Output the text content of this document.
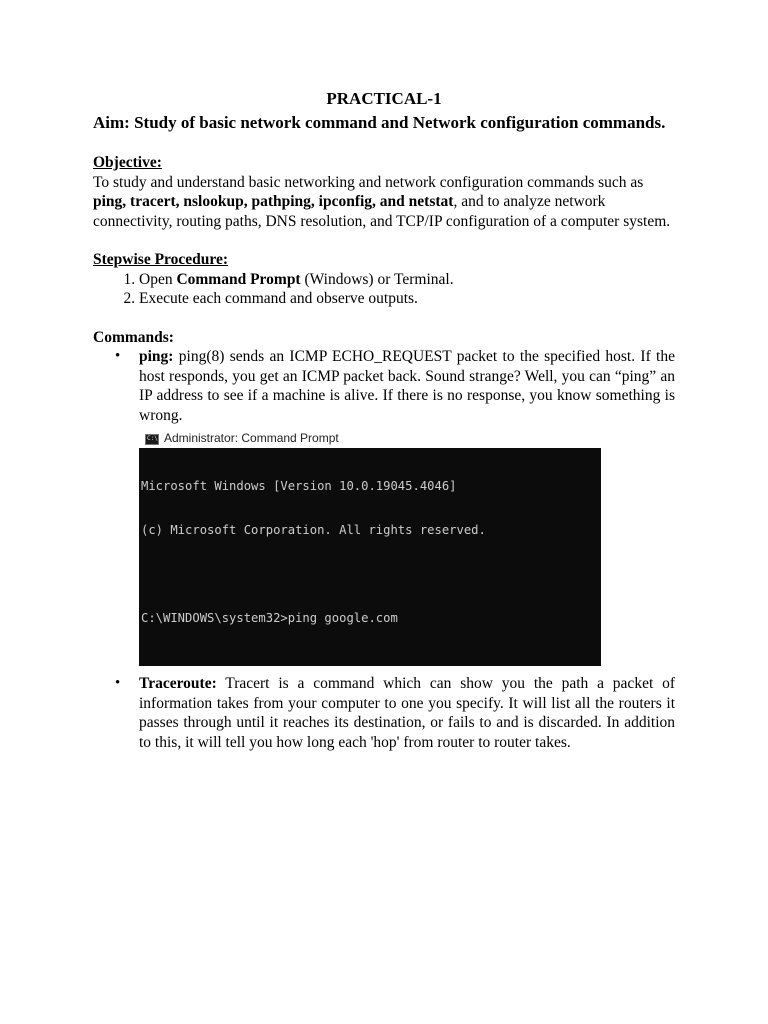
PRACTICAL-1
Aim: Study of basic network command and Network configuration commands.

Objective:

To study and understand basic networking and network configuration commands such as ping, tracert, nslookup, pathping, ipconfig, and netstat, and to analyze network connectivity, routing paths, DNS resolution, and TCP/IP configuration of a computer system.

Stepwise Procedure:

1. Open Command Prompt (Windows) or Terminal.
2. Execute each command and observe outputs.

Commands:

• ping: ping(8) sends an ICMP ECHO_REQUEST packet to the specified host. If the host responds, you get an ICMP packet back. Sound strange? Well, you can “ping” an IP address to see if a machine is alive. If there is no response, you know something is wrong.
C:\
Administrator: Command Prompt

Microsoft Windows [Version 10.0.19045.4046]

(c) Microsoft Corporation. All rights reserved.

C:\WINDOWS\system32>ping google.com

• Traceroute: Tracert is a command which can show you the path a packet of information takes from your computer to one you specify. It will list all the routers it passes through until it reaches its destination, or fails to and is discarded. In addition to this, it will tell you how long each 'hop' from router to router takes.
